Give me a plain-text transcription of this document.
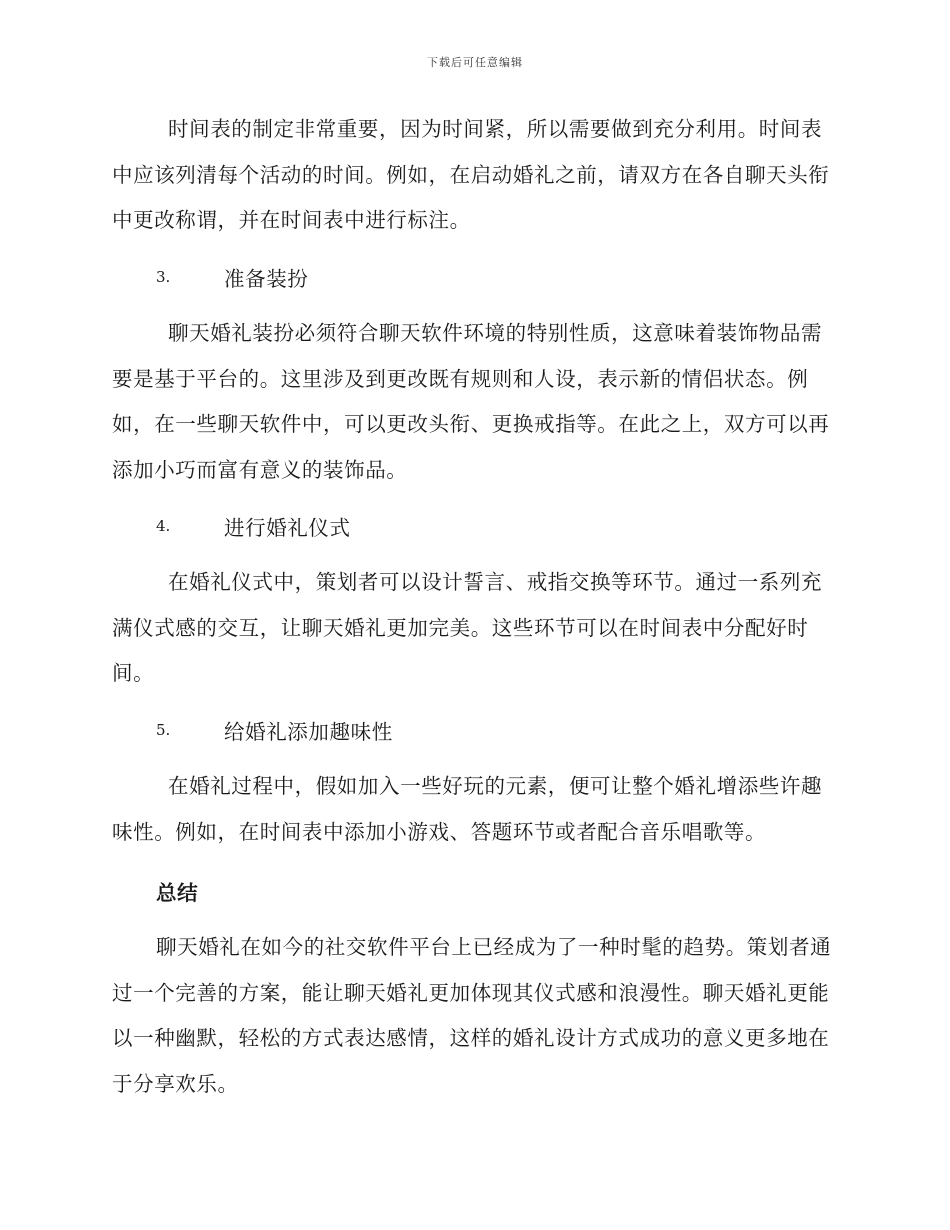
下载后可任意编辑

时间表的制定非常重要，因为时间紧，所以需要做到充分利用。时间表中应该列清每个活动的时间。例如，在启动婚礼之前，请双方在各自聊天头衔中更改称谓，并在时间表中进行标注。

3.	准备装扮

聊天婚礼装扮必须符合聊天软件环境的特别性质，这意味着装饰物品需要是基于平台的。这里涉及到更改既有规则和人设，表示新的情侣状态。例如，在一些聊天软件中，可以更改头衔、更换戒指等。在此之上，双方可以再添加小巧而富有意义的装饰品。

4.	进行婚礼仪式

在婚礼仪式中，策划者可以设计誓言、戒指交换等环节。通过一系列充满仪式感的交互，让聊天婚礼更加完美。这些环节可以在时间表中分配好时间。

5.	给婚礼添加趣味性

在婚礼过程中，假如加入一些好玩的元素，便可让整个婚礼增添些许趣味性。例如，在时间表中添加小游戏、答题环节或者配合音乐唱歌等。

总结

聊天婚礼在如今的社交软件平台上已经成为了一种时髦的趋势。策划者通过一个完善的方案，能让聊天婚礼更加体现其仪式感和浪漫性。聊天婚礼更能以一种幽默，轻松的方式表达感情，这样的婚礼设计方式成功的意义更多地在于分享欢乐。
